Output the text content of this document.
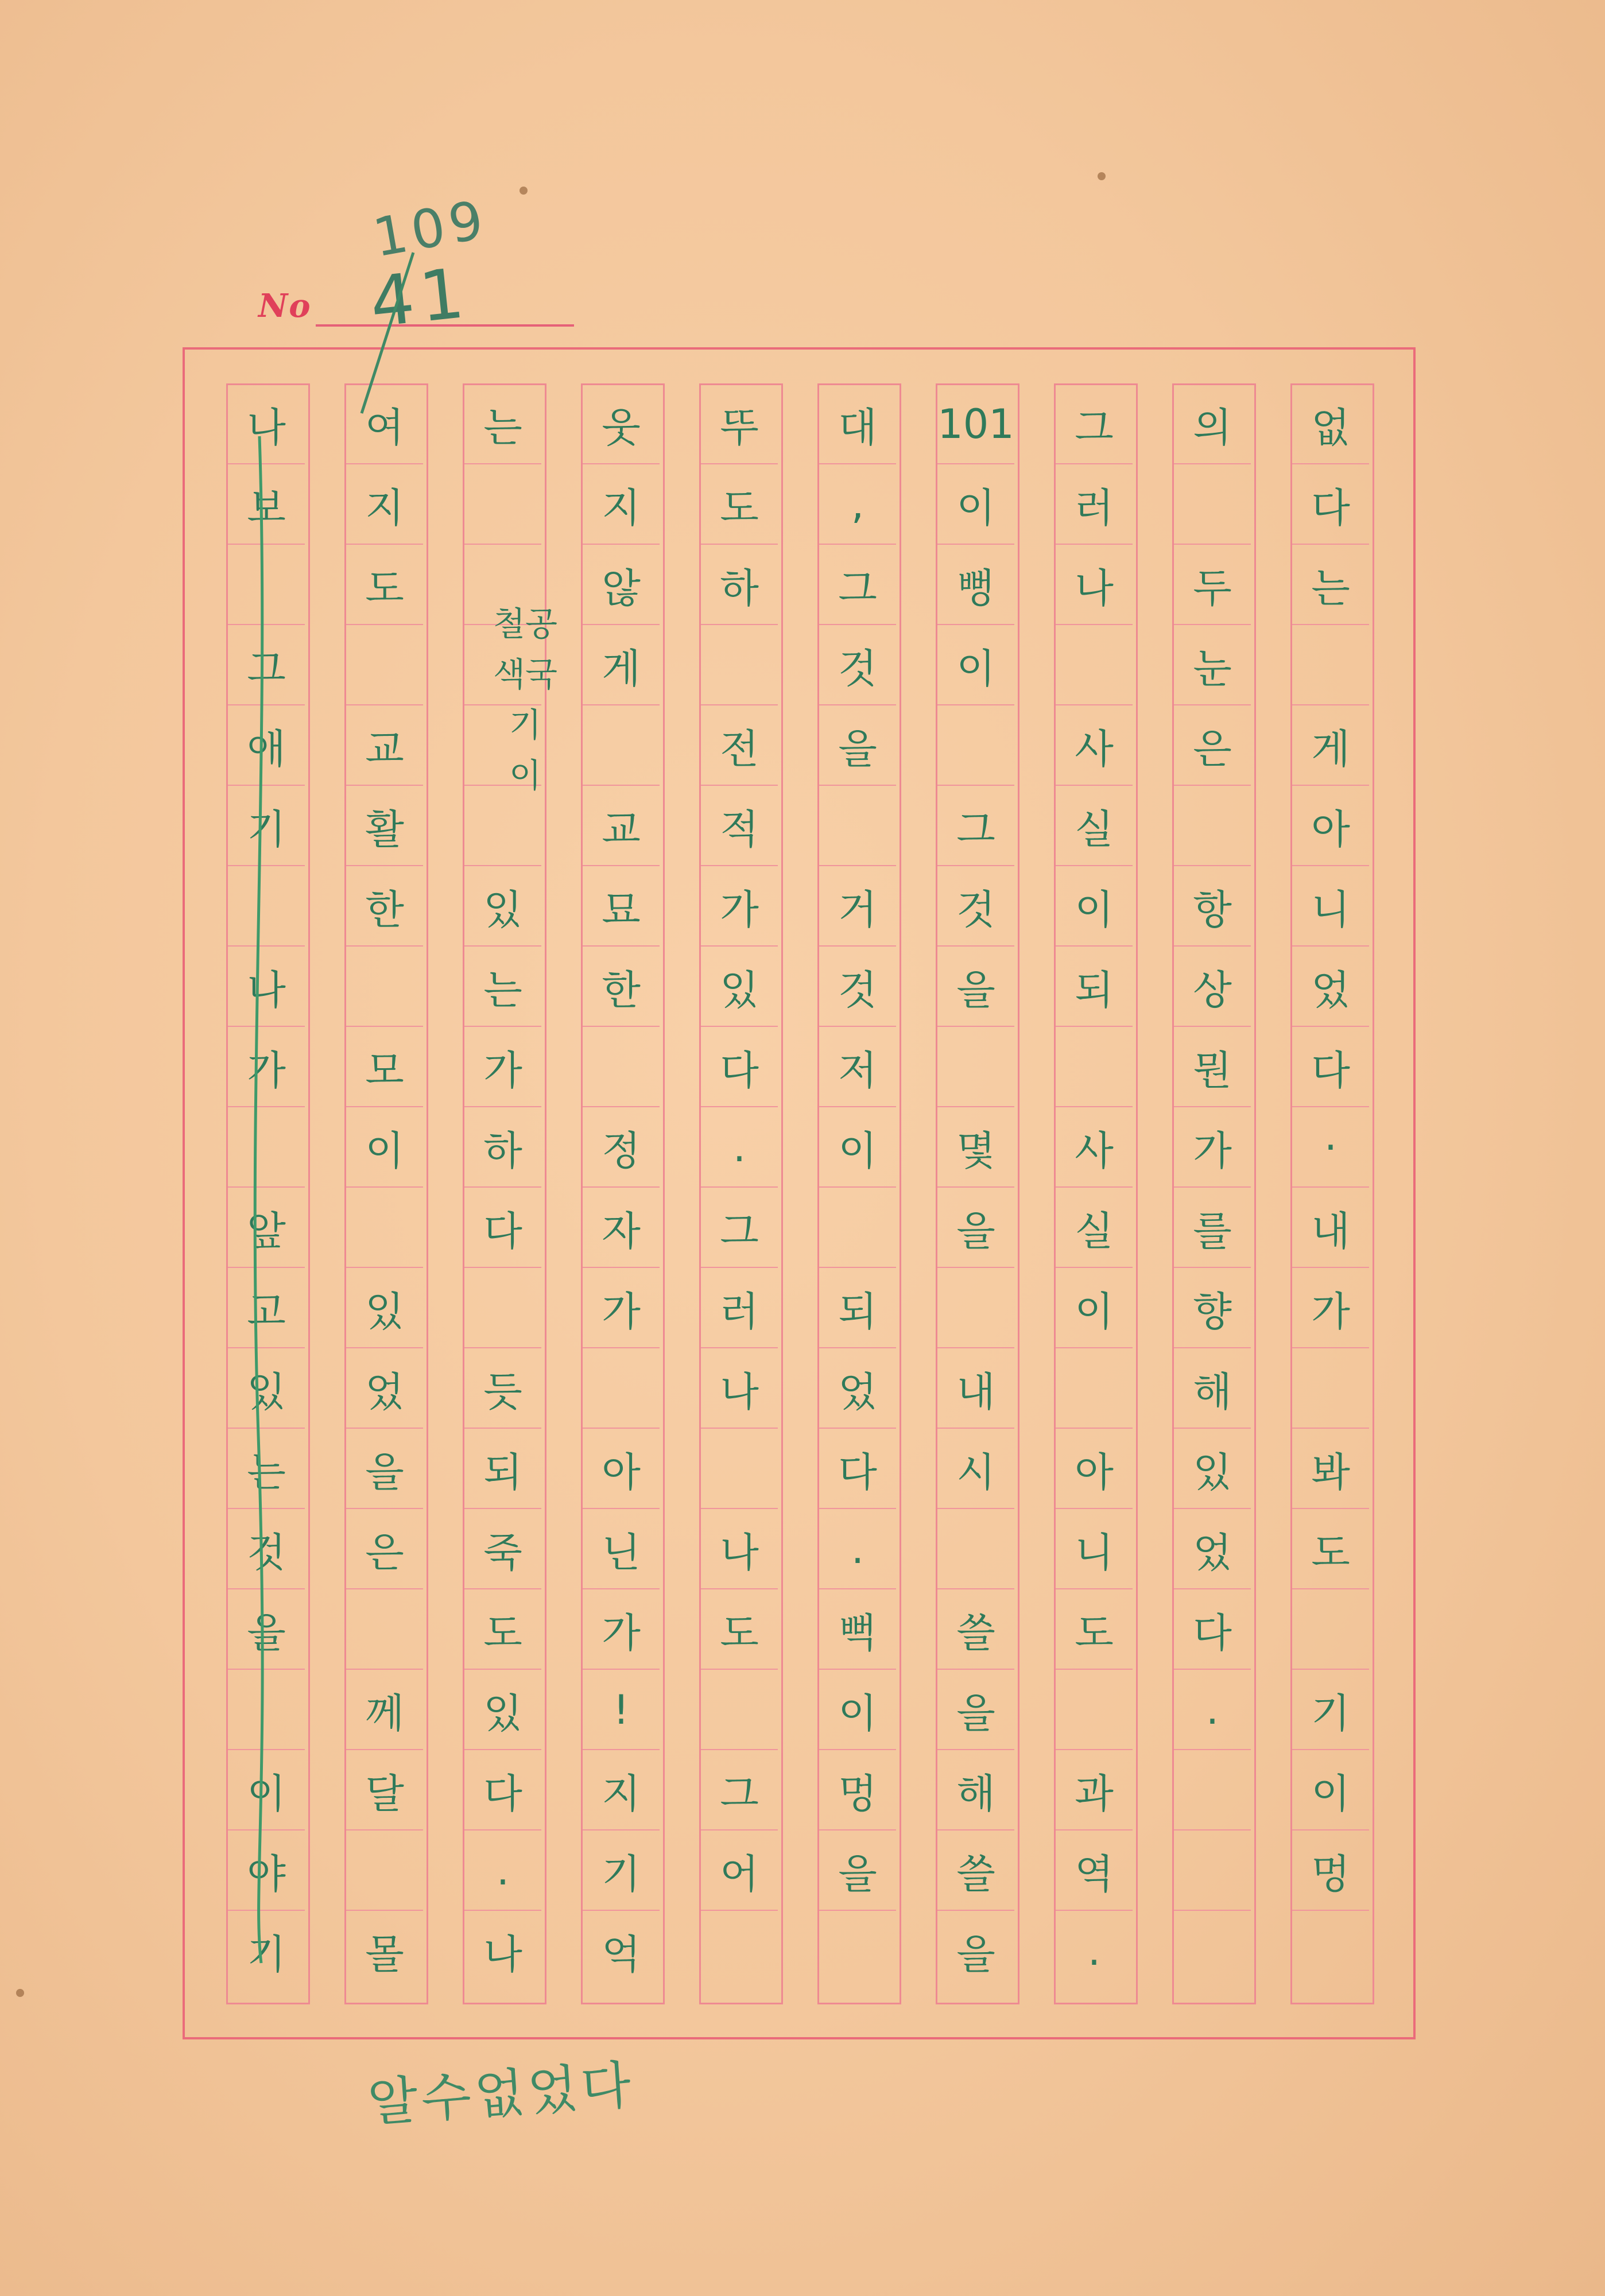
No
109
41
없
다
는
게
아
니
었
다
·
내
가
봐
도
기
이
멍
의
두
눈
은
항
상
뭔
가
를
향
해
있
었
다
.
그
러
나
사
실
이
되
사
실
이
아
니
도
과
역
.
101
이
뻥
이
그
것
을
몇
을
내
시
쓸
을
해
쓸
을
대
,
그
것
을
거
것
저
이
되
었
다
.
뻑
이
멍
을
뚜
도
하
전
적
가
있
다
.
그
러
나
나
도
그
어
웃
지
않
게
교
묘
한
정
자
가
아
닌
가
!
지
기
억
는
있
는
가
하
다
듯
되
죽
도
있
다
.
나
여
지
도
교
활
한
모
이
있
었
을
은
께
달
몰
나
보
그
애
기
나
가
앞
고
있
는
것
을
이
야
기
철공
색국
기
이
알수없었다
